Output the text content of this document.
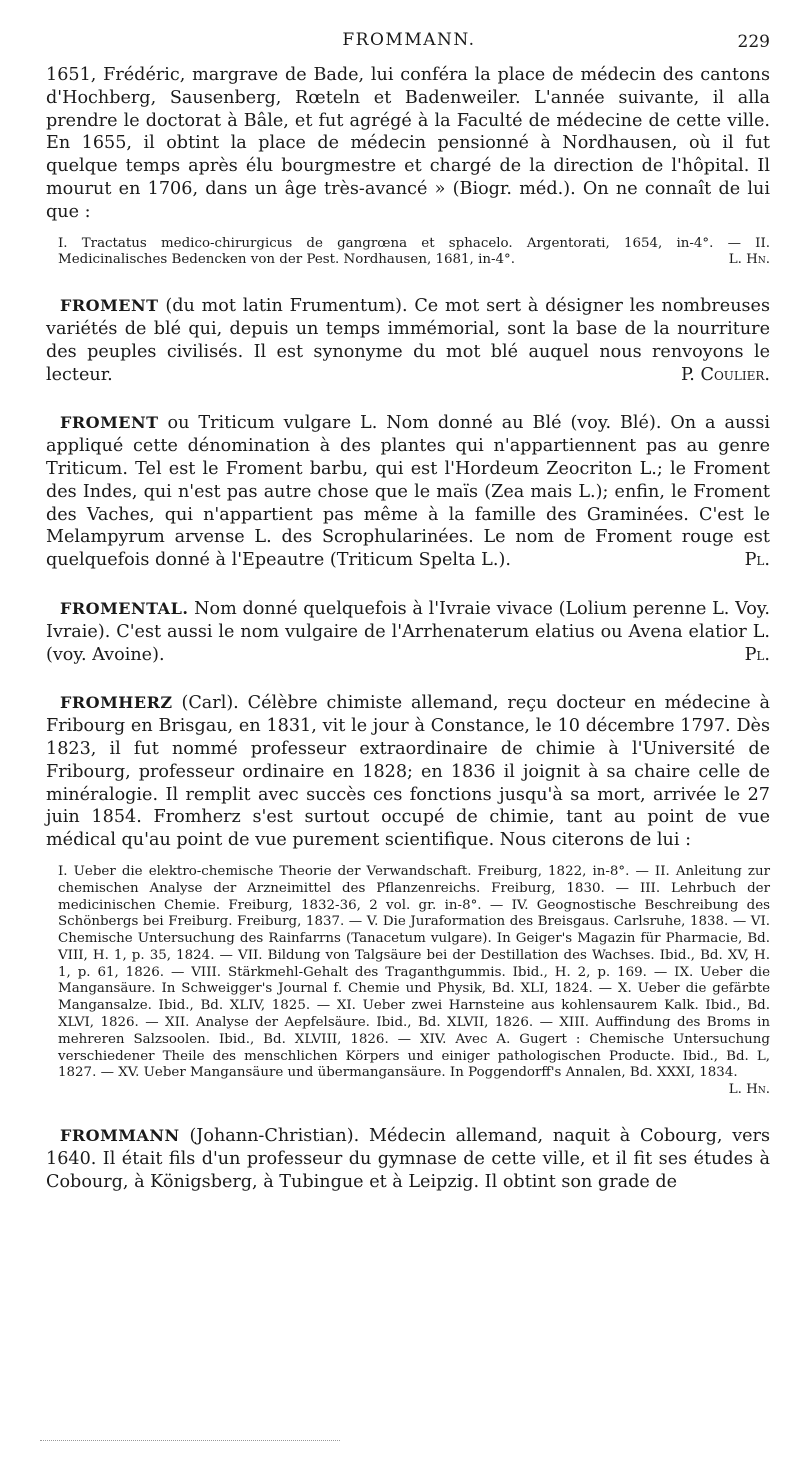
FROMMANN.	229

1651, Frédéric, margrave de Bade, lui conféra la place de médecin des cantons d'Hochberg, Sausenberg, Rœteln et Badenweiler. L'année suivante, il alla prendre le doctorat à Bâle, et fut agrégé à la Faculté de médecine de cette ville. En 1655, il obtint la place de médecin pensionné à Nordhausen, où il fut quelque temps après élu bourgmestre et chargé de la direction de l'hôpital. Il mourut en 1706, dans un âge très-avancé » (Biogr. méd.). On ne connaît de lui que :

I. Tractatus medico-chirurgicus de gangrœna et sphacelo. Argentorati, 1654, in-4°. — II. Medicinalisches Bedencken von der Pest. Nordhausen, 1681, in-4°.	L. Hn.

FROMENT (du mot latin Frumentum). Ce mot sert à désigner les nombreuses variétés de blé qui, depuis un temps immémorial, sont la base de la nourriture des peuples civilisés. Il est synonyme du mot blé auquel nous renvoyons le lecteur.	P. Coulier.

FROMENT ou Triticum vulgare L. Nom donné au Blé (voy. Blé). On a aussi appliqué cette dénomination à des plantes qui n'appartiennent pas au genre Triticum. Tel est le Froment barbu, qui est l'Hordeum Zeocriton L.; le Froment des Indes, qui n'est pas autre chose que le maïs (Zea mais L.); enfin, le Froment des Vaches, qui n'appartient pas même à la famille des Graminées. C'est le Melampyrum arvense L. des Scrophularinées. Le nom de Froment rouge est quelquefois donné à l'Epeautre (Triticum Spelta L.).	Pl.

FROMENTAL. Nom donné quelquefois à l'Ivraie vivace (Lolium perenne L. Voy. Ivraie). C'est aussi le nom vulgaire de l'Arrhenaterum elatius ou Avena elatior L. (voy. Avoine).	Pl.

FROMHERZ (Carl). Célèbre chimiste allemand, reçu docteur en médecine à Fribourg en Brisgau, en 1831, vit le jour à Constance, le 10 décembre 1797. Dès 1823, il fut nommé professeur extraordinaire de chimie à l'Université de Fribourg, professeur ordinaire en 1828; en 1836 il joignit à sa chaire celle de minéralogie. Il remplit avec succès ces fonctions jusqu'à sa mort, arrivée le 27 juin 1854. Fromherz s'est surtout occupé de chimie, tant au point de vue médical qu'au point de vue purement scientifique. Nous citerons de lui :

I. Ueber die elektro-chemische Theorie der Verwandschaft. Freiburg, 1822, in-8°. — II. Anleitung zur chemischen Analyse der Arzneimittel des Pflanzenreichs. Freiburg, 1830. — III. Lehrbuch der medicinischen Chemie. Freiburg, 1832-36, 2 vol. gr. in-8°. — IV. Geognostische Beschreibung des Schönbergs bei Freiburg. Freiburg, 1837. — V. Die Juraformation des Breisgaus. Carlsruhe, 1838. — VI. Chemische Untersuchung des Rainfarrns (Tanacetum vulgare). In Geiger's Magazin für Pharmacie, Bd. VIII, H. 1, p. 35, 1824. — VII. Bildung von Talgsäure bei der Destillation des Wachses. Ibid., Bd. XV, H. 1, p. 61, 1826. — VIII. Stärkmehl-Gehalt des Traganthgummis. Ibid., H. 2, p. 169. — IX. Ueber die Mangansäure. In Schweigger's Journal f. Chemie und Physik, Bd. XLI, 1824. — X. Ueber die gefärbte Mangansalze. Ibid., Bd. XLIV, 1825. — XI. Ueber zwei Harnsteine aus kohlensaurem Kalk. Ibid., Bd. XLVI, 1826. — XII. Analyse der Aepfelsäure. Ibid., Bd. XLVII, 1826. — XIII. Auffindung des Broms in mehreren Salzsoolen. Ibid., Bd. XLVIII, 1826. — XIV. Avec A. Gugert : Chemische Untersuchung verschiedener Theile des menschlichen Körpers und einiger pathologischen Producte. Ibid., Bd. L, 1827. — XV. Ueber Mangansäure und übermangansäure. In Poggendorff's Annalen, Bd. XXXI, 1834.
L. Hn.

FROMMANN (Johann-Christian). Médecin allemand, naquit à Cobourg, vers 1640. Il était fils d'un professeur du gymnase de cette ville, et il fit ses études à Cobourg, à Königsberg, à Tubingue et à Leipzig. Il obtint son grade de
